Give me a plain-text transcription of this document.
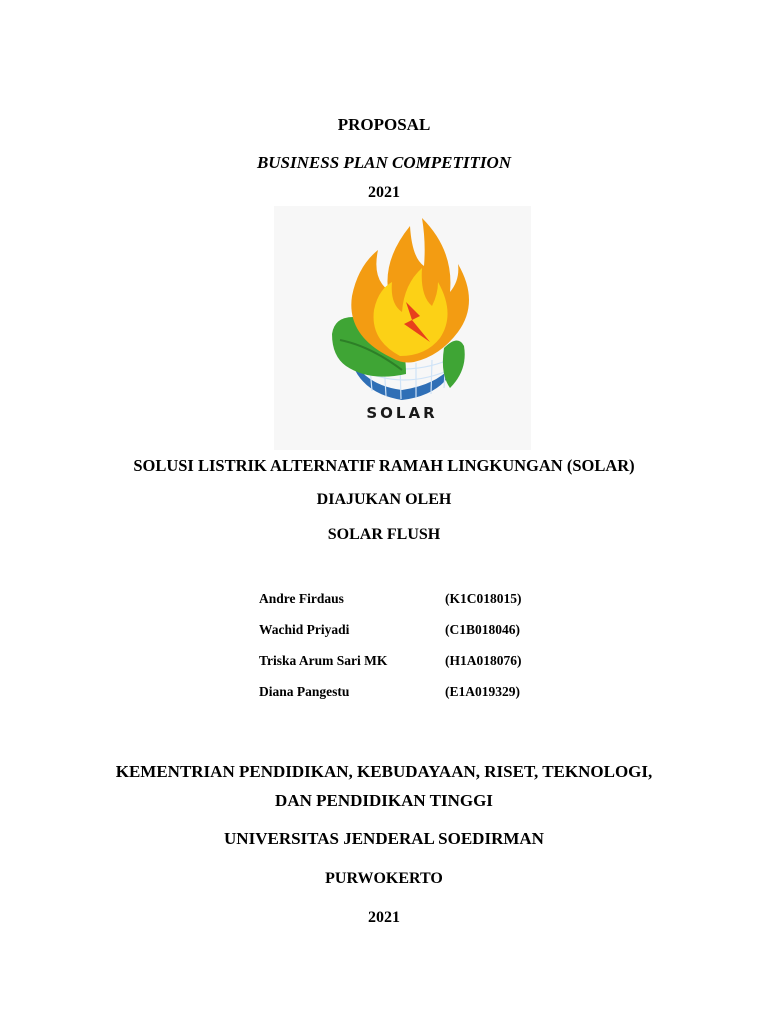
PROPOSAL
BUSINESS PLAN COMPETITION
2021
SOLAR
SOLUSI LISTRIK ALTERNATIF RAMAH LINGKUNGAN (SOLAR)
DIAJUKAN OLEH
SOLAR FLUSH
Andre Firdaus	(K1C018015)
Wachid Priyadi	(C1B018046)
Triska Arum Sari MK	(H1A018076)
Diana Pangestu	(E1A019329)
KEMENTRIAN PENDIDIKAN, KEBUDAYAAN, RISET, TEKNOLOGI,
DAN PENDIDIKAN TINGGI
UNIVERSITAS JENDERAL SOEDIRMAN
PURWOKERTO
2021
